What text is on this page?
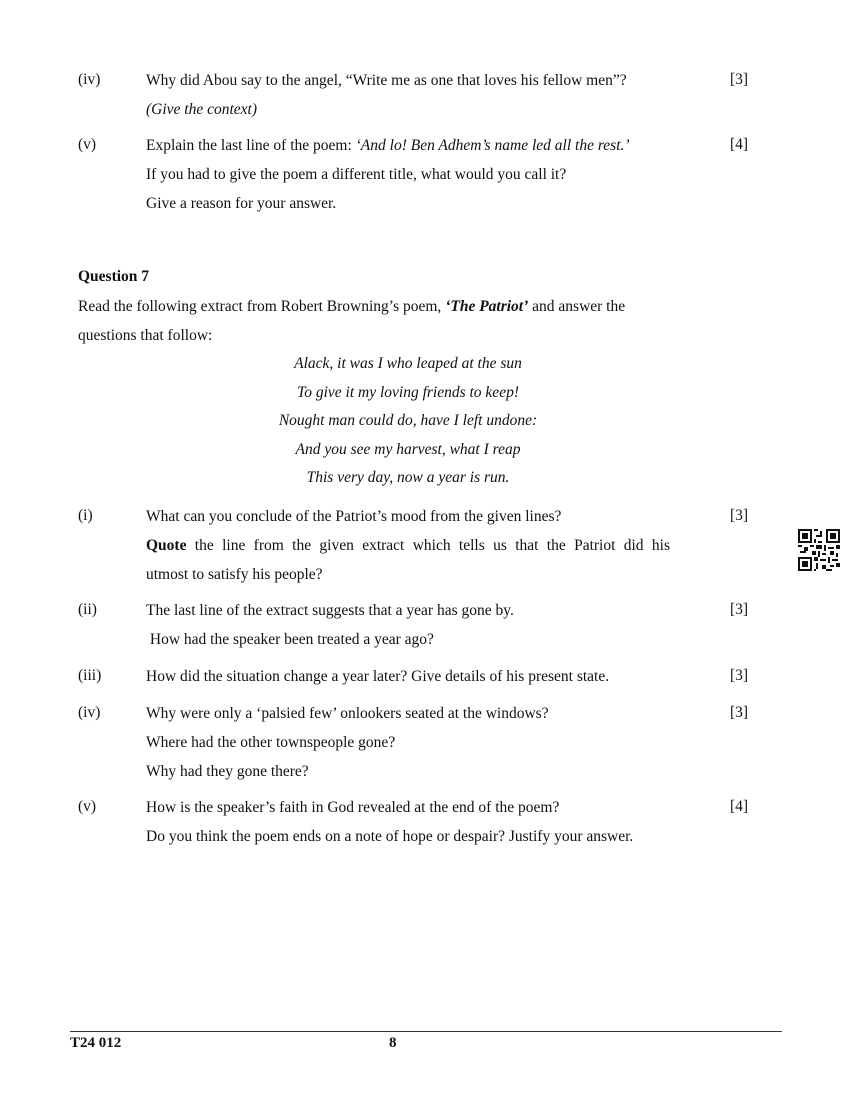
(iv)	Why did Abou say to the angel, “Write me as one that loves his fellow men”?
(Give the context)
[3]
(v)	Explain the last line of the poem: ‘And lo! Ben Adhem’s name led all the rest.’
If you had to give the poem a different title, what would you call it?
Give a reason for your answer.
[4]
Question 7
Read the following extract from Robert Browning’s poem, ‘The Patriot’ and answer the
questions that follow:
Alack, it was I who leaped at the sun
To give it my loving friends to keep!
Nought man could do, have I left undone:
And you see my harvest, what I reap
This very day, now a year is run.
(i)	What can you conclude of the Patriot’s mood from the given lines?
Quote the line from the given extract which tells us that the Patriot did his
utmost to satisfy his people?
[3]
(ii)	The last line of the extract suggests that a year has gone by.
How had the speaker been treated a year ago?
[3]
(iii)	How did the situation change a year later? Give details of his present state.	[3]
(iv)	Why were only a ‘palsied few’ onlookers seated at the windows?
Where had the other townspeople gone?
Why had they gone there?
[3]
(v)	How is the speaker’s faith in God revealed at the end of the poem?
Do you think the poem ends on a note of hope or despair? Justify your answer.
[4]
T24 012	8
